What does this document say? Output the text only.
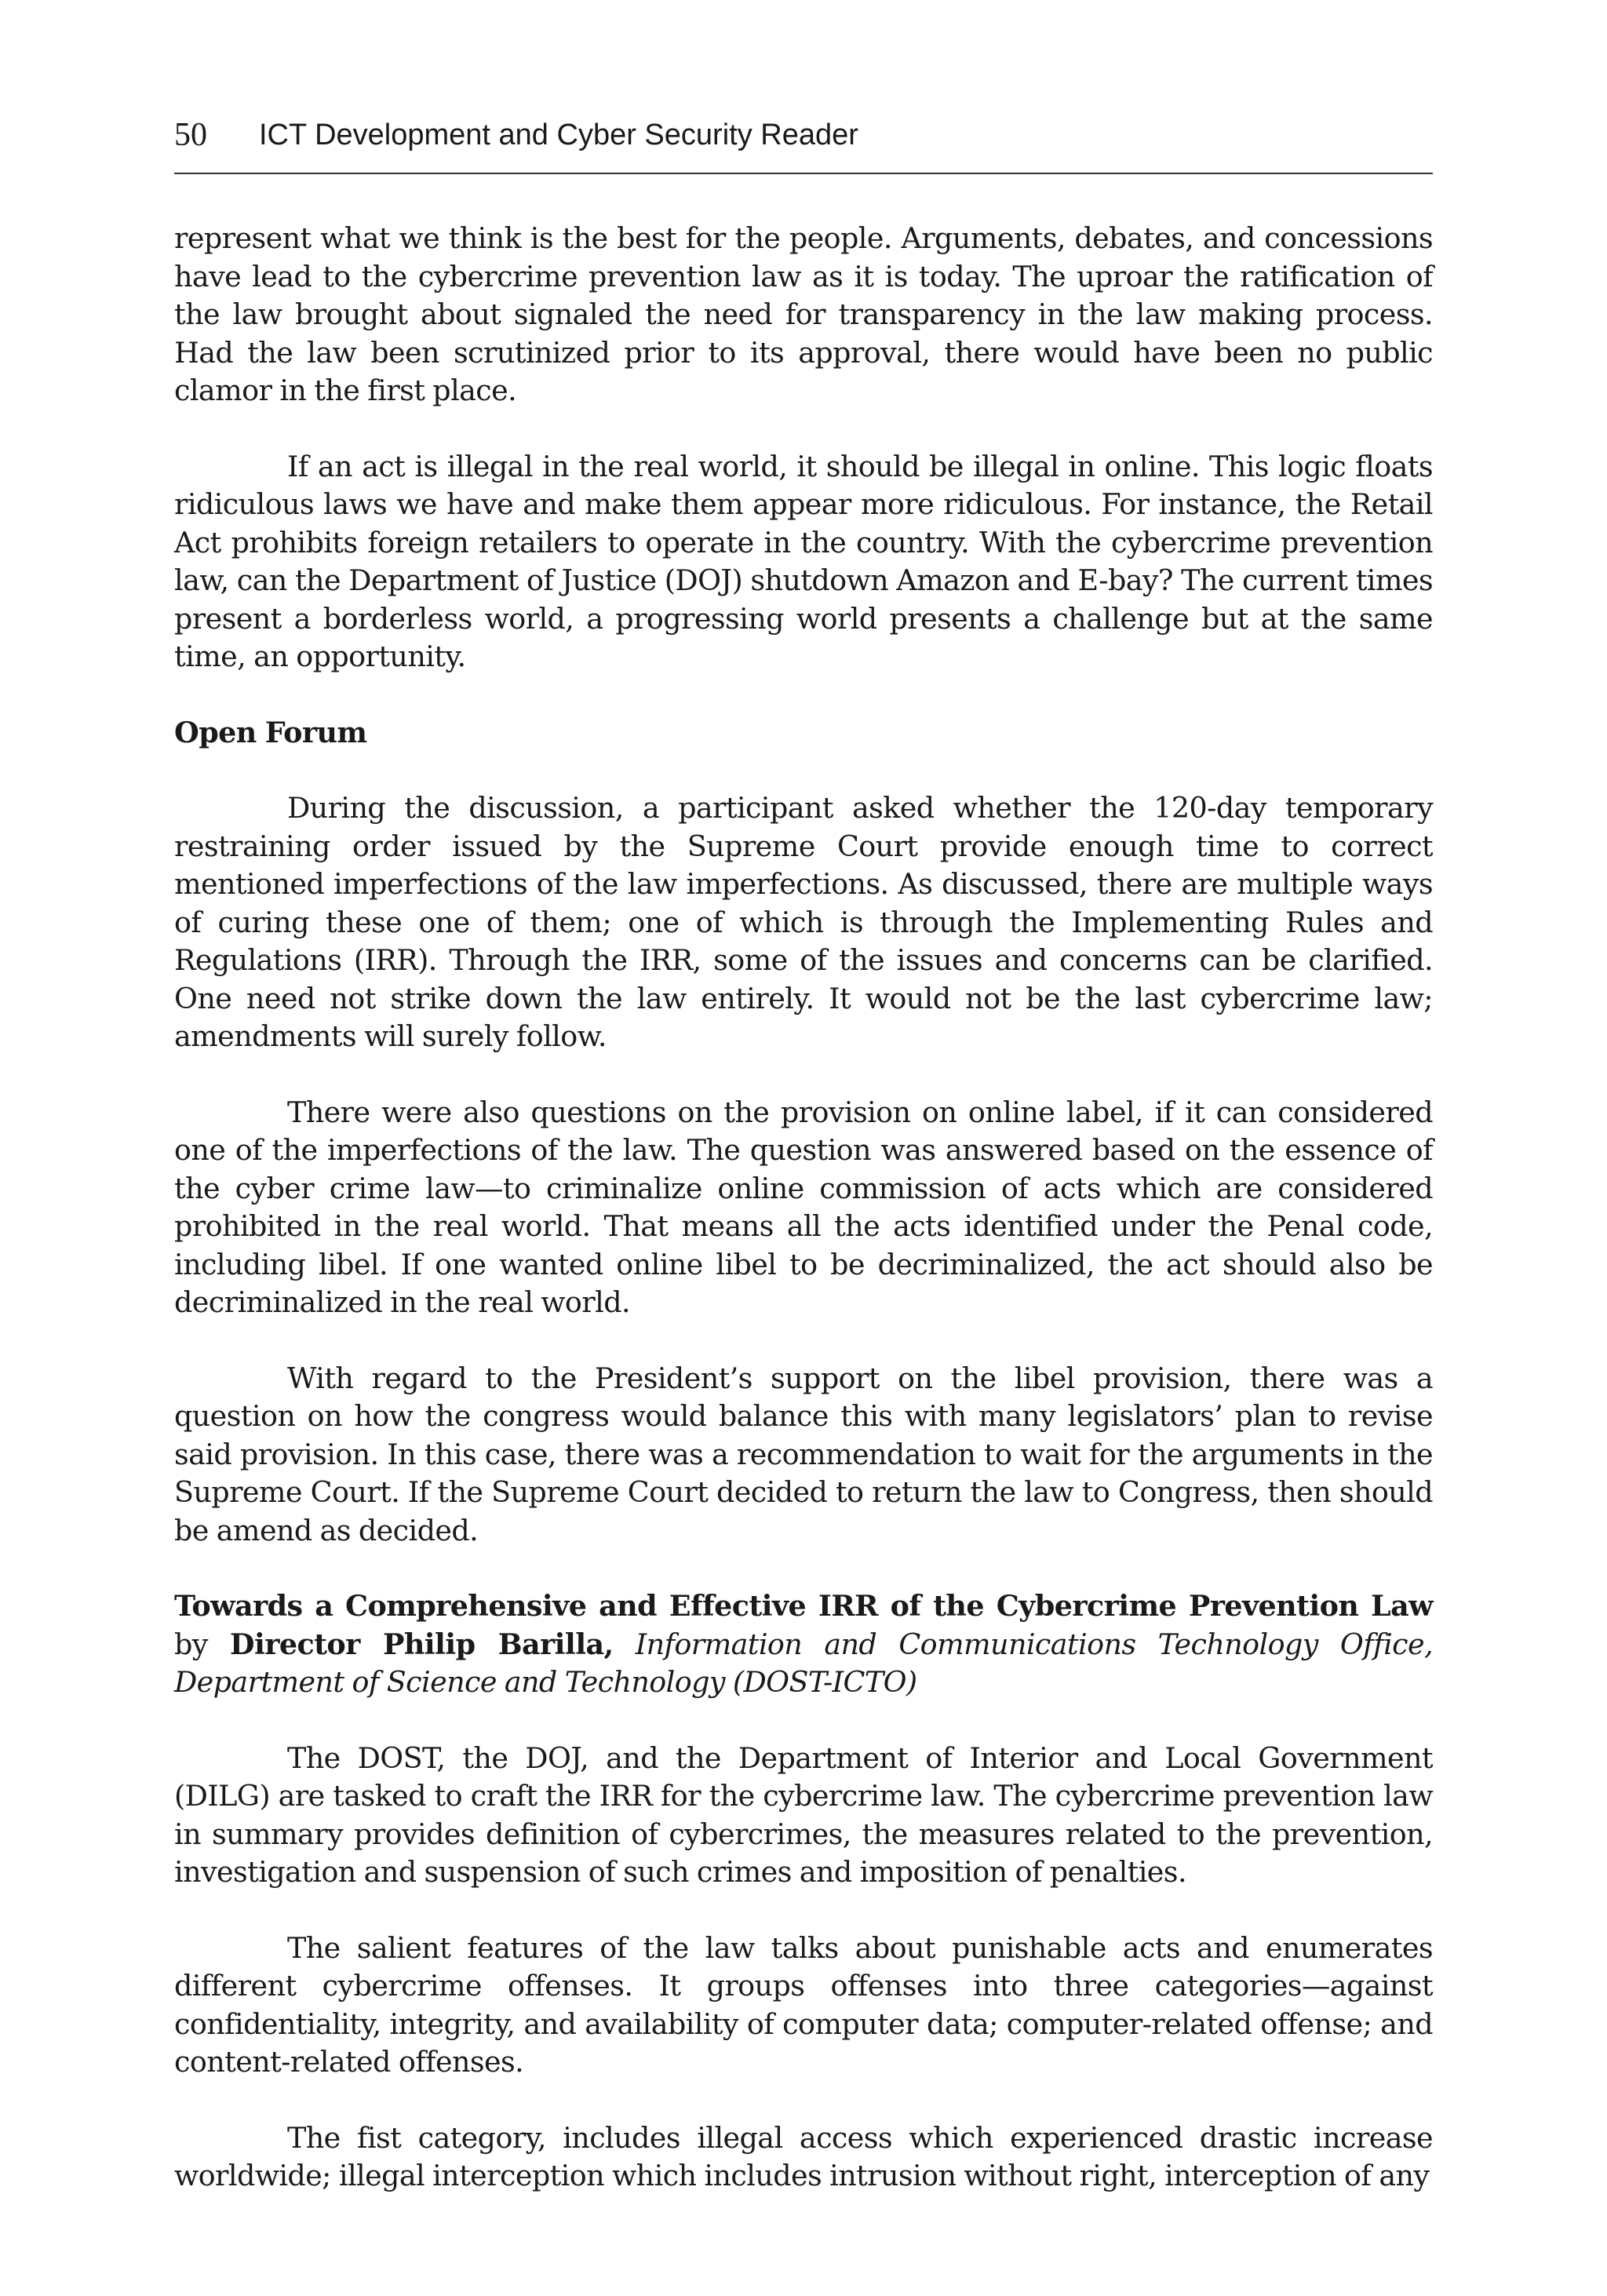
50 ICT Development and Cyber Security Reader

represent what we think is the best for the people. Arguments, debates, and concessions have lead to the cybercrime prevention law as it is today. The uproar the ratification of the law brought about signaled the need for transparency in the law making process. Had the law been scrutinized prior to its approval, there would have been no public clamor in the first place.

If an act is illegal in the real world, it should be illegal in online. This logic floats ridiculous laws we have and make them appear more ridiculous. For instance, the Retail Act prohibits foreign retailers to operate in the country. With the cybercrime prevention law, can the Department of Justice (DOJ) shutdown Amazon and E-bay? The current times present a borderless world, a progressing world presents a challenge but at the same time, an opportunity.

Open Forum

During the discussion, a participant asked whether the 120-day temporary restraining order issued by the Supreme Court provide enough time to correct mentioned imperfections of the law imperfections. As discussed, there are multiple ways of curing these one of them; one of which is through the Implementing Rules and Regulations (IRR). Through the IRR, some of the issues and concerns can be clarified. One need not strike down the law entirely. It would not be the last cybercrime law; amendments will surely follow.

There were also questions on the provision on online label, if it can considered one of the imperfections of the law. The question was answered based on the essence of the cyber crime law—to criminalize online commission of acts which are considered prohibited in the real world. That means all the acts identified under the Penal code, including libel. If one wanted online libel to be decriminalized, the act should also be decriminalized in the real world.

With regard to the President’s support on the libel provision, there was a question on how the congress would balance this with many legislators’ plan to revise said provision. In this case, there was a recommendation to wait for the arguments in the Supreme Court. If the Supreme Court decided to return the law to Congress, then should be amend as decided.

Towards a Comprehensive and Effective IRR of the Cybercrime Prevention Law by Director Philip Barilla, Information and Communications Technology Office, Department of Science and Technology (DOST-ICTO)

The DOST, the DOJ, and the Department of Interior and Local Government (DILG) are tasked to craft the IRR for the cybercrime law. The cybercrime prevention law in summary provides definition of cybercrimes, the measures related to the prevention, investigation and suspension of such crimes and imposition of penalties.

The salient features of the law talks about punishable acts and enumerates different cybercrime offenses. It groups offenses into three categories—against confidentiality, integrity, and availability of computer data; computer-related offense; and content-related offenses.

The fist category, includes illegal access which experienced drastic increase worldwide; illegal interception which includes intrusion without right, interception of any
